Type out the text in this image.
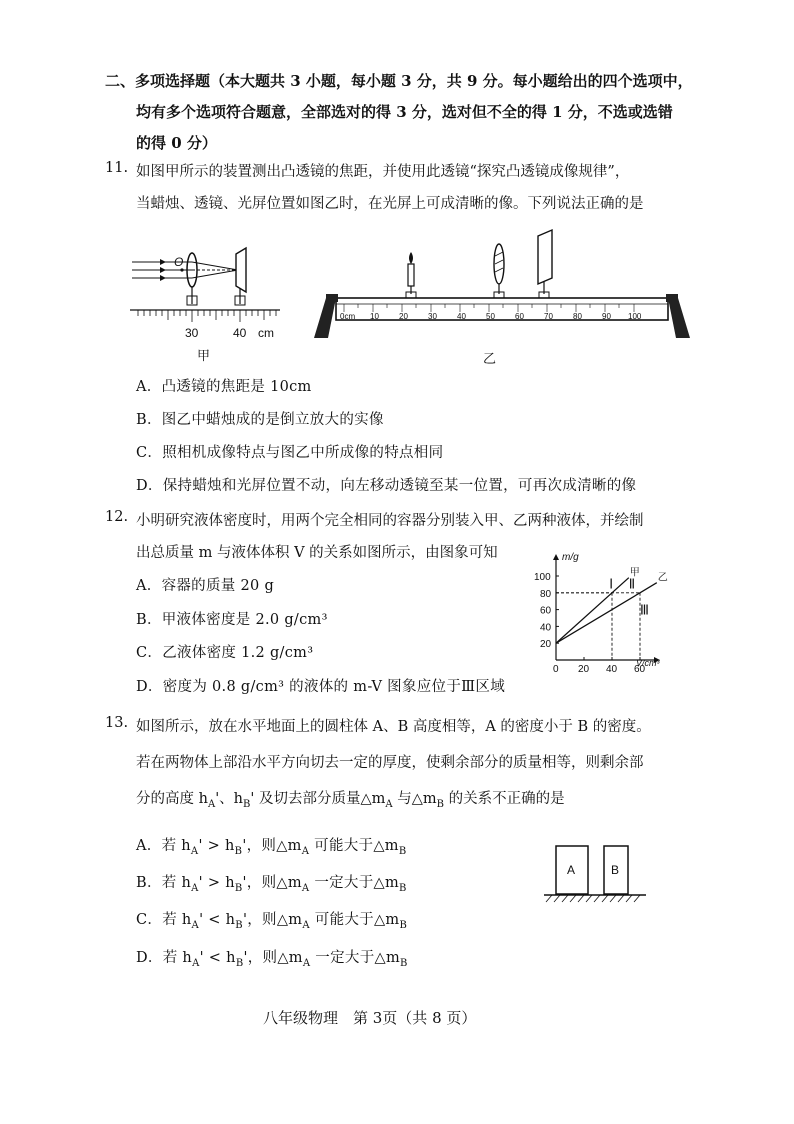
二、多项选择题（本大题共 3 小题，每小题 3 分，共 9 分。每小题给出的四个选项中，
均有多个选项符合题意，全部选对的得 3 分，选对但不全的得 1 分，不选或选错
的得 0 分）
11. 如图甲所示的装置测出凸透镜的焦距，并使用此透镜“探究凸透镜成像规律”，
当蜡烛、透镜、光屏位置如图乙时，在光屏上可成清晰的像。下列说法正确的是
O
30	40 cm
甲
0cm 10	20	30	40	50	60	70	80	90 100
乙
A．凸透镜的焦距是 10cm
B．图乙中蜡烛成的是倒立放大的实像
C．照相机成像特点与图乙中所成像的特点相同
D．保持蜡烛和光屏位置不动，向左移动透镜至某一位置，可再次成清晰的像
12. 小明研究液体密度时，用两个完全相同的容器分别装入甲、乙两种液体，并绘制
出总质量 m 与液体体积 V 的关系如图所示，由图象可知
A．容器的质量 20 g
B．甲液体密度是 2.0 g/cm³
C．乙液体密度 1.2 g/cm³
D．密度为 0.8 g/cm³ 的液体的 m-V 图象应位于Ⅲ区域
0 20 40 60
20
40
60
80
100	甲 乙
Ⅰ Ⅱ
Ⅲ
m/g
V/cm³
13. 如图所示，放在水平地面上的圆柱体 A、B 高度相等，A 的密度小于 B 的密度。
若在两物体上部沿水平方向切去一定的厚度，使剩余部分的质量相等，则剩余部
分的高度 $h_A'$、$h_B'$ 及切去部分质量$\triangle m_A$ 与$\triangle m_B$ 的关系不正确的是
A．若 $h_A' > h_B'$，则$\triangle m_A$ 可能大于$\triangle m_B$
B．若 $h_A' > h_B'$，则$\triangle m_A$ 一定大于$\triangle m_B$
C．若 $h_A' < h_B'$，则$\triangle m_A$ 可能大于$\triangle m_B$
D．若 $h_A' < h_B'$，则$\triangle m_A$ 一定大于$\triangle m_B$
A	B
八年级物理　第 3页（共 8 页）
